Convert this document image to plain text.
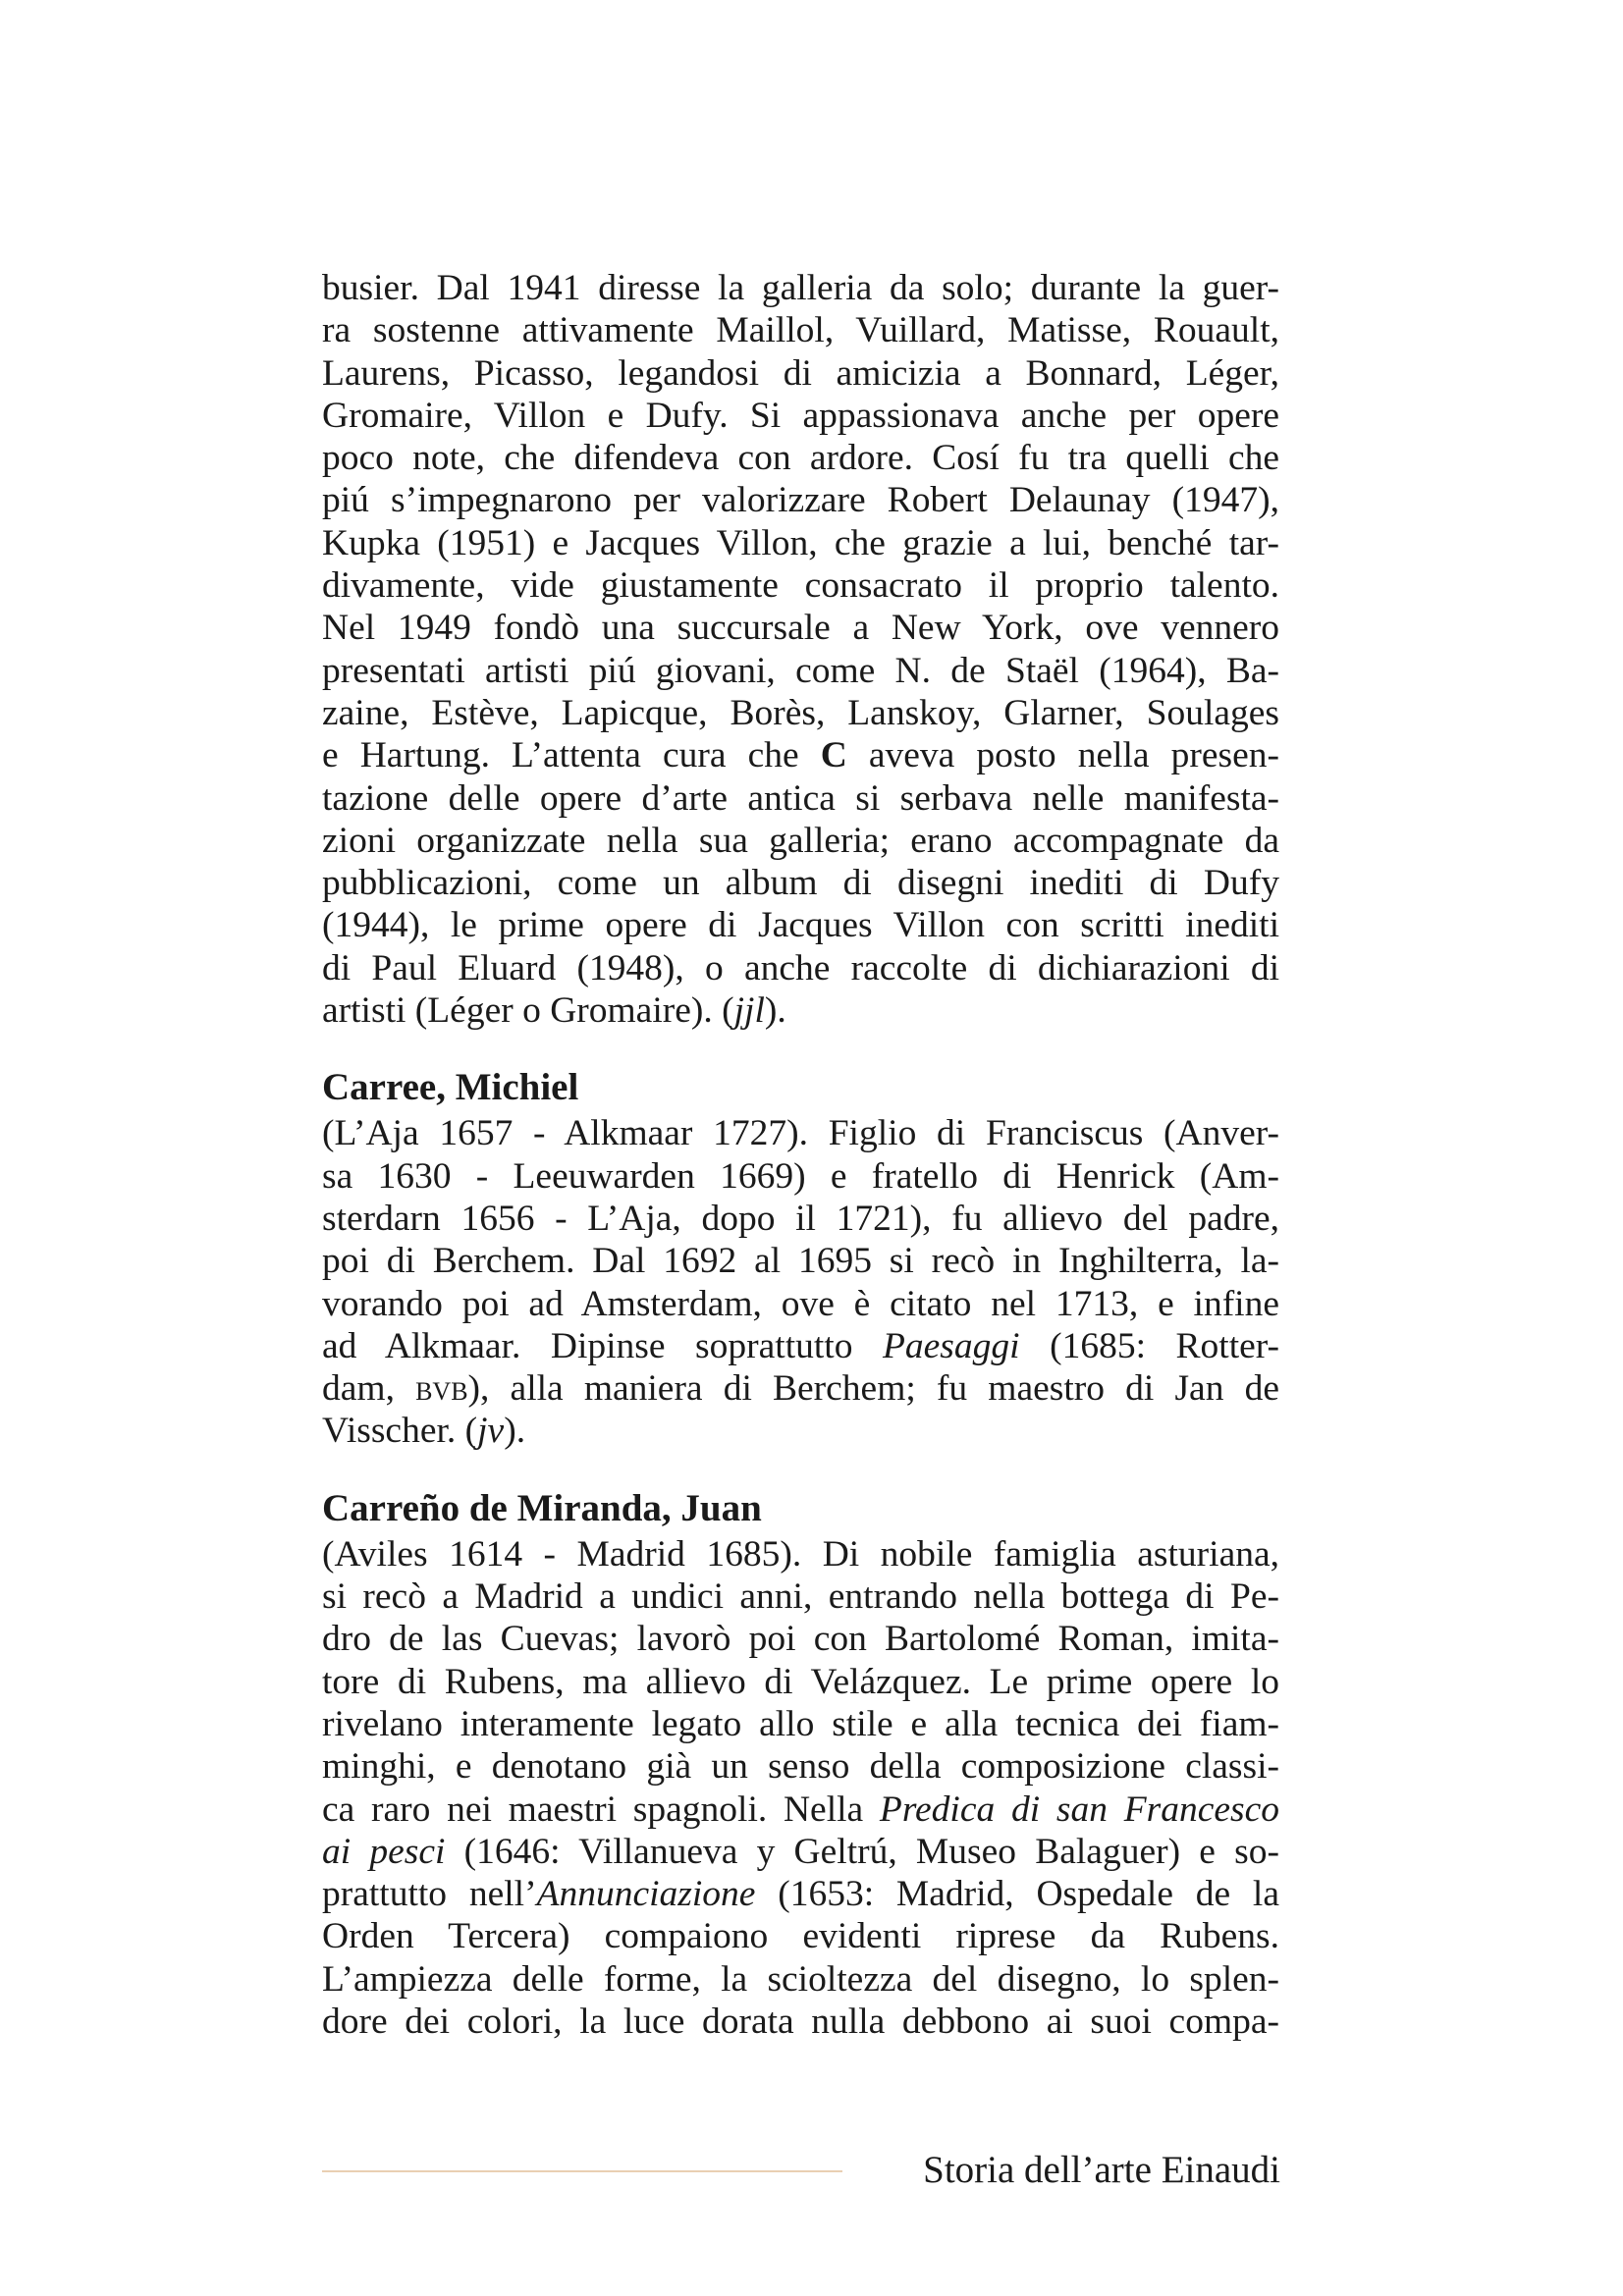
busier. Dal 1941 diresse la galleria da solo; durante la guer-
ra sostenne attivamente Maillol, Vuillard, Matisse, Rouault,
Laurens, Picasso, legandosi di amicizia a Bonnard, Léger,
Gromaire, Villon e Dufy. Si appassionava anche per opere
poco note, che difendeva con ardore. Cosí fu tra quelli che
piú s’impegnarono per valorizzare Robert Delaunay (1947),
Kupka (1951) e Jacques Villon, che grazie a lui, benché tar-
divamente, vide giustamente consacrato il proprio talento.
Nel 1949 fondò una succursale a New York, ove vennero
presentati artisti piú giovani, come N. de Staël (1964), Ba-
zaine, Estève, Lapicque, Borès, Lanskoy, Glarner, Soulages
e Hartung. L’attenta cura che C aveva posto nella presen-
tazione delle opere d’arte antica si serbava nelle manifesta-
zioni organizzate nella sua galleria; erano accompagnate da
pubblicazioni, come un album di disegni inediti di Dufy
(1944), le prime opere di Jacques Villon con scritti inediti
di Paul Eluard (1948), o anche raccolte di dichiarazioni di
artisti (Léger o Gromaire). (jjl).
Carree, Michiel
(L’Aja 1657 - Alkmaar 1727). Figlio di Franciscus (Anver-
sa 1630 - Leeuwarden 1669) e fratello di Henrick (Am-
sterdarn 1656 - L’Aja, dopo il 1721), fu allievo del padre,
poi di Berchem. Dal 1692 al 1695 si recò in Inghilterra, la-
vorando poi ad Amsterdam, ove è citato nel 1713, e infine
ad Alkmaar. Dipinse soprattutto Paesaggi (1685: Rotter-
dam, bvb), alla maniera di Berchem; fu maestro di Jan de
Visscher. (jv).
Carreño de Miranda, Juan
(Aviles 1614 - Madrid 1685). Di nobile famiglia asturiana,
si recò a Madrid a undici anni, entrando nella bottega di Pe-
dro de las Cuevas; lavorò poi con Bartolomé Roman, imita-
tore di Rubens, ma allievo di Velázquez. Le prime opere lo
rivelano interamente legato allo stile e alla tecnica dei fiam-
minghi, e denotano già un senso della composizione classi-
ca raro nei maestri spagnoli. Nella Predica di san Francesco
ai pesci (1646: Villanueva y Geltrú, Museo Balaguer) e so-
prattutto nell’Annunciazione (1653: Madrid, Ospedale de la
Orden Tercera) compaiono evidenti riprese da Rubens.
L’ampiezza delle forme, la scioltezza del disegno, lo splen-
dore dei colori, la luce dorata nulla debbono ai suoi compa-
Storia dell’arte Einaudi
